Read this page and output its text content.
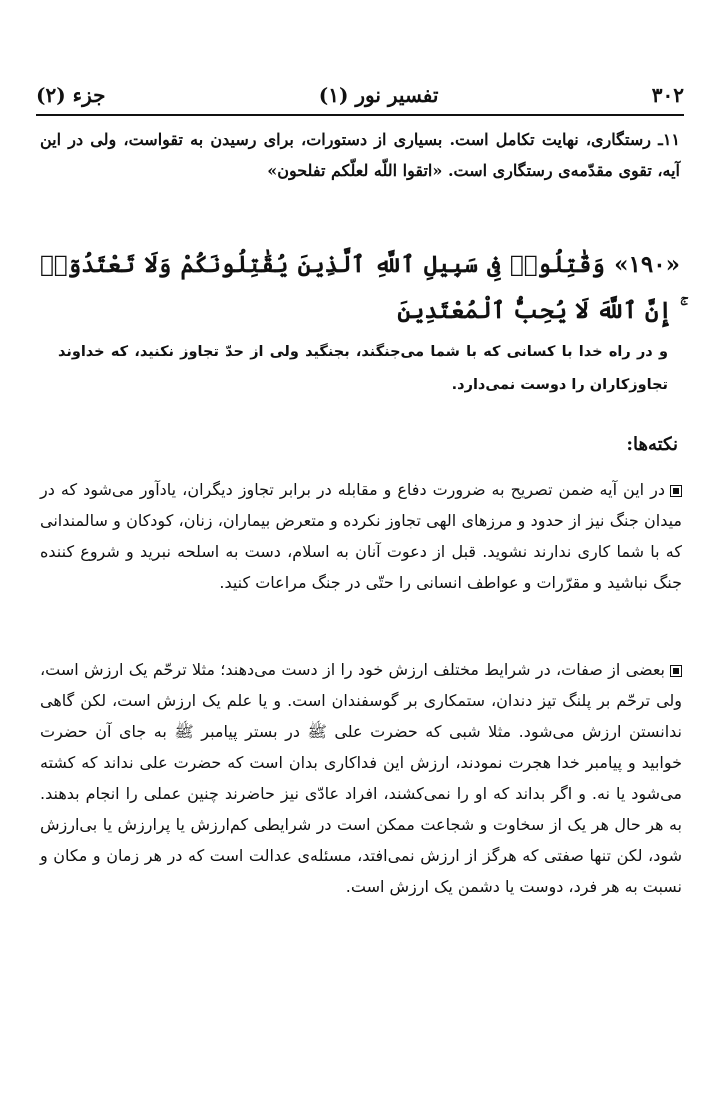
۳۰۲
تفسیر نور (۱)
جزء (۲)
۱۱ـ رستگاری، نهایت تکامل است. بسیاری از دستورات، برای رسیدن به تقواست، ولی در این آیه، تقوی مقدّمه‌ی رستگاری است. «اتقوا اللّه لعلّکم تفلحون»
«۱۹۰» وَقَٰتِلُوا۟ فِى سَبِيلِ ٱللَّهِ ٱلَّذِينَ يُقَٰتِلُونَكُمْ وَلَا تَعْتَدُوٓا۟ ۚ إِنَّ ٱللَّهَ لَا يُحِبُّ ٱلْمُعْتَدِينَ
و در راه خدا با کسانی که با شما می‌جنگند، بجنگید ولی از حدّ تجاوز نکنید، که خداوند تجاوزکاران را دوست نمی‌دارد.
نکته‌ها:
در این آیه ضمن تصریح به ضرورت دفاع و مقابله در برابر تجاوز دیگران، یادآور می‌شود که در میدان جنگ نیز از حدود و مرزهای الهی تجاوز نکرده و متعرض بیماران، زنان، کودکان و سالمندانی که با شما کاری ندارند نشوید. قبل از دعوت آنان به اسلام، دست به اسلحه نبرید و شروع کننده جنگ نباشید و مقرّرات و عواطف انسانی را حتّی در جنگ مراعات کنید.
بعضی از صفات، در شرایط مختلف ارزش خود را از دست می‌دهند؛ مثلا ترحّم یک ارزش است، ولی ترحّم بر پلنگ تیز دندان، ستمکاری بر گوسفندان است. و یا علم یک ارزش است، لکن گاهی ندانستن ارزش می‌شود. مثلا شبی که حضرت علی ﷺ در بستر پیامبر ﷺ به جای آن حضرت خوابید و پیامبر خدا هجرت نمودند، ارزش این فداکاری بدان است که حضرت علی نداند که کشته می‌شود یا نه. و اگر بداند که او را نمی‌کشند، افراد عادّی نیز حاضرند چنین عملی را انجام بدهند. به هر حال هر یک از سخاوت و شجاعت ممکن است در شرایطی کم‌ارزش یا پرارزش یا بی‌ارزش شود، لکن تنها صفتی که هرگز از ارزش نمی‌افتد، مسئله‌ی عدالت است که در هر زمان و مکان و نسبت به هر فرد، دوست یا دشمن یک ارزش است.
